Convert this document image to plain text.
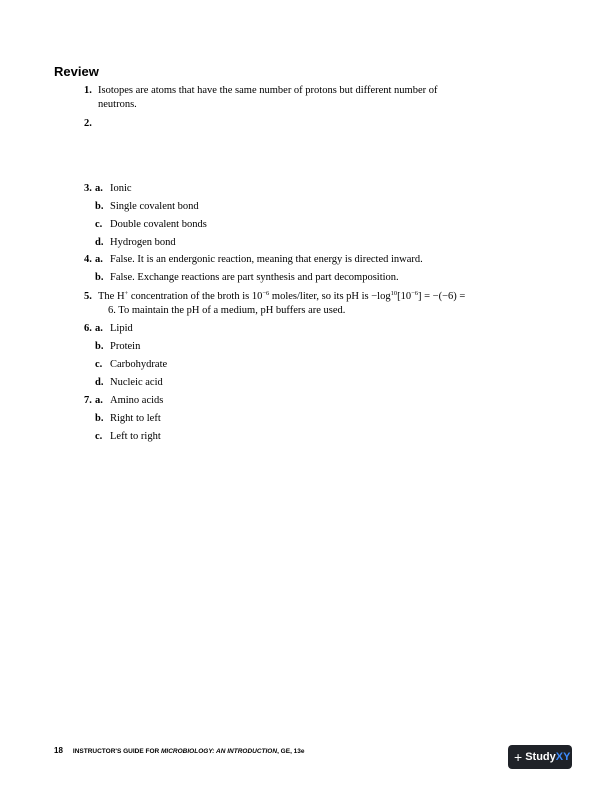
Review
1. Isotopes are atoms that have the same number of protons but different number of
neutrons.
2.
3. a. Ionic
b. Single covalent bond
c. Double covalent bonds
d. Hydrogen bond
4. a. False. It is an endergonic reaction, meaning that energy is directed inward.
b. False. Exchange reactions are part synthesis and part decomposition.
5. The H+ concentration of the broth is $10^{-6}$ moles/liter, so its pH is $-\log^{10}[10^{-6}] = -(-6)$ =
6. To maintain the pH of a medium, pH buffers are used.
6. a. Lipid
b. Protein
c. Carbohydrate
d. Nucleic acid
7. a. Amino acids
b. Right to left
c. Left to right
18 INSTRUCTOR'S GUIDE FOR MICROBIOLOGY: AN INTRODUCTION, GE, 13e	+ Study XY
